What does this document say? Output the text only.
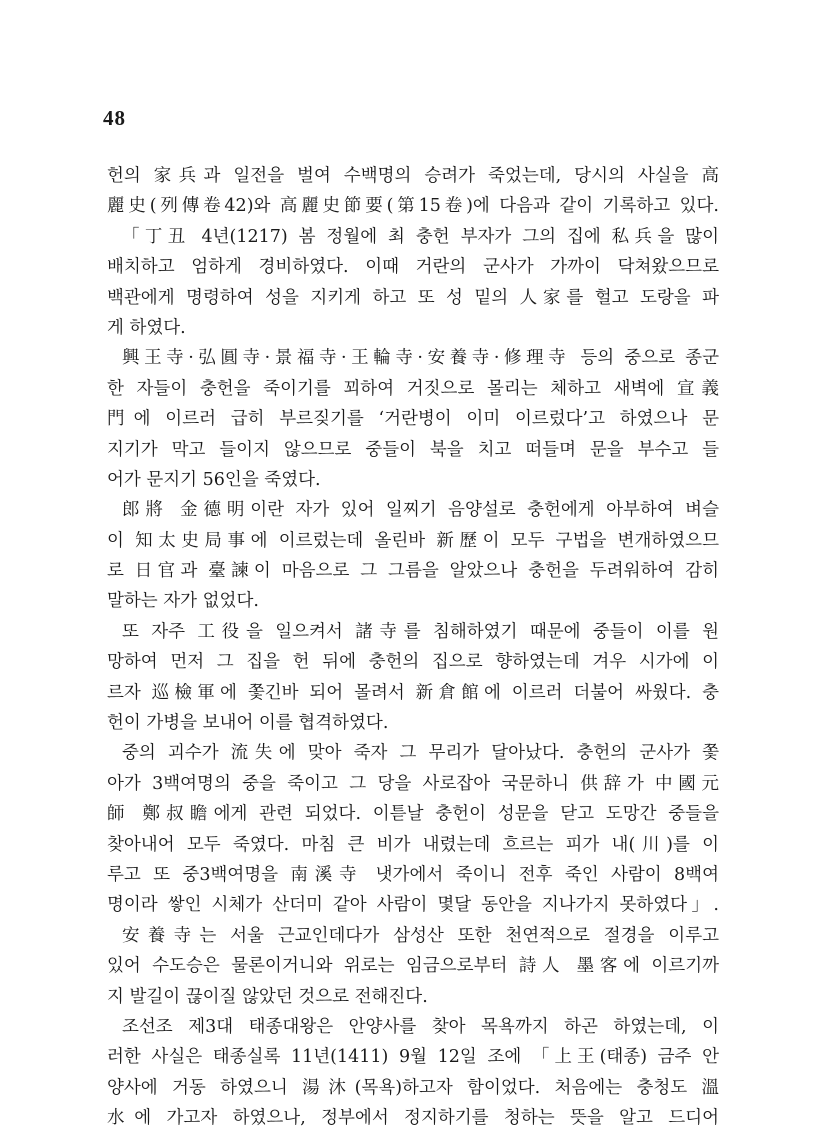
48
헌의 家兵과 일전을 벌여 수백명의 승려가 죽었는데, 당시의 사실을 高
麗史(列傳卷42)와 高麗史節要(第15卷)에 다음과 같이 기록하고 있다.
「丁丑 4년(1217) 봄 정월에 최 충헌 부자가 그의 집에 私兵을 많이
배치하고 엄하게 경비하였다. 이때 거란의 군사가 가까이 닥쳐왔으므로
백관에게 명령하여 성을 지키게 하고 또 성 밑의 人家를 헐고 도랑을 파
게 하였다.
興王寺·弘圓寺·景福寺·王輪寺·安養寺·修理寺 등의 중으로 종군
한 자들이 충헌을 죽이기를 꾀하여 거짓으로 몰리는 체하고 새벽에 宣義
門에 이르러 급히 부르짖기를 ‘거란병이 이미 이르렀다’고 하였으나 문
지기가 막고 들이지 않으므로 중들이 북을 치고 떠들며 문을 부수고 들
어가 문지기 56인을 죽였다.
郎將 金德明이란 자가 있어 일찌기 음양설로 충헌에게 아부하여 벼슬
이 知太史局事에 이르렀는데 올린바 新歷이 모두 구법을 변개하였으므
로 日官과 臺諫이 마음으로 그 그름을 알았으나 충헌을 두려워하여 감히
말하는 자가 없었다.
또 자주 工役을 일으켜서 諸寺를 침해하였기 때문에 중들이 이를 원
망하여 먼저 그 집을 헌 뒤에 충헌의 집으로 향하였는데 겨우 시가에 이
르자 巡檢軍에 쫓긴바 되어 몰려서 新倉館에 이르러 더불어 싸웠다. 충
헌이 가병을 보내어 이를 협격하였다.
중의 괴수가 流失에 맞아 죽자 그 무리가 달아났다. 충헌의 군사가 쫓
아가 3백여명의 중을 죽이고 그 당을 사로잡아 국문하니 供辞가 中國元
師 鄭叔瞻에게 관련 되었다. 이튿날 충헌이 성문을 닫고 도망간 중들을
찾아내어 모두 죽였다. 마침 큰 비가 내렸는데 흐르는 피가 내(川)를 이
루고 또 중3백여명을 南溪寺 냇가에서 죽이니 전후 죽인 사람이 8백여
명이라 쌓인 시체가 산더미 같아 사람이 몇달 동안을 지나가지 못하였다」.
安養寺는 서울 근교인데다가 삼성산 또한 천연적으로 절경을 이루고
있어 수도승은 물론이거니와 위로는 임금으로부터 詩人 墨客에 이르기까
지 발길이 끊이질 않았던 것으로 전해진다.
조선조 제3대 태종대왕은 안양사를 찾아 목욕까지 하곤 하였는데, 이
러한 사실은 태종실록 11년(1411) 9월 12일 조에 「上王(태종) 금주 안
양사에 거동 하였으니 湯沐(목욕)하고자 함이었다. 처음에는 충청도 溫
水에 가고자 하였으나, 정부에서 정지하기를 청하는 뜻을 알고 드디어
